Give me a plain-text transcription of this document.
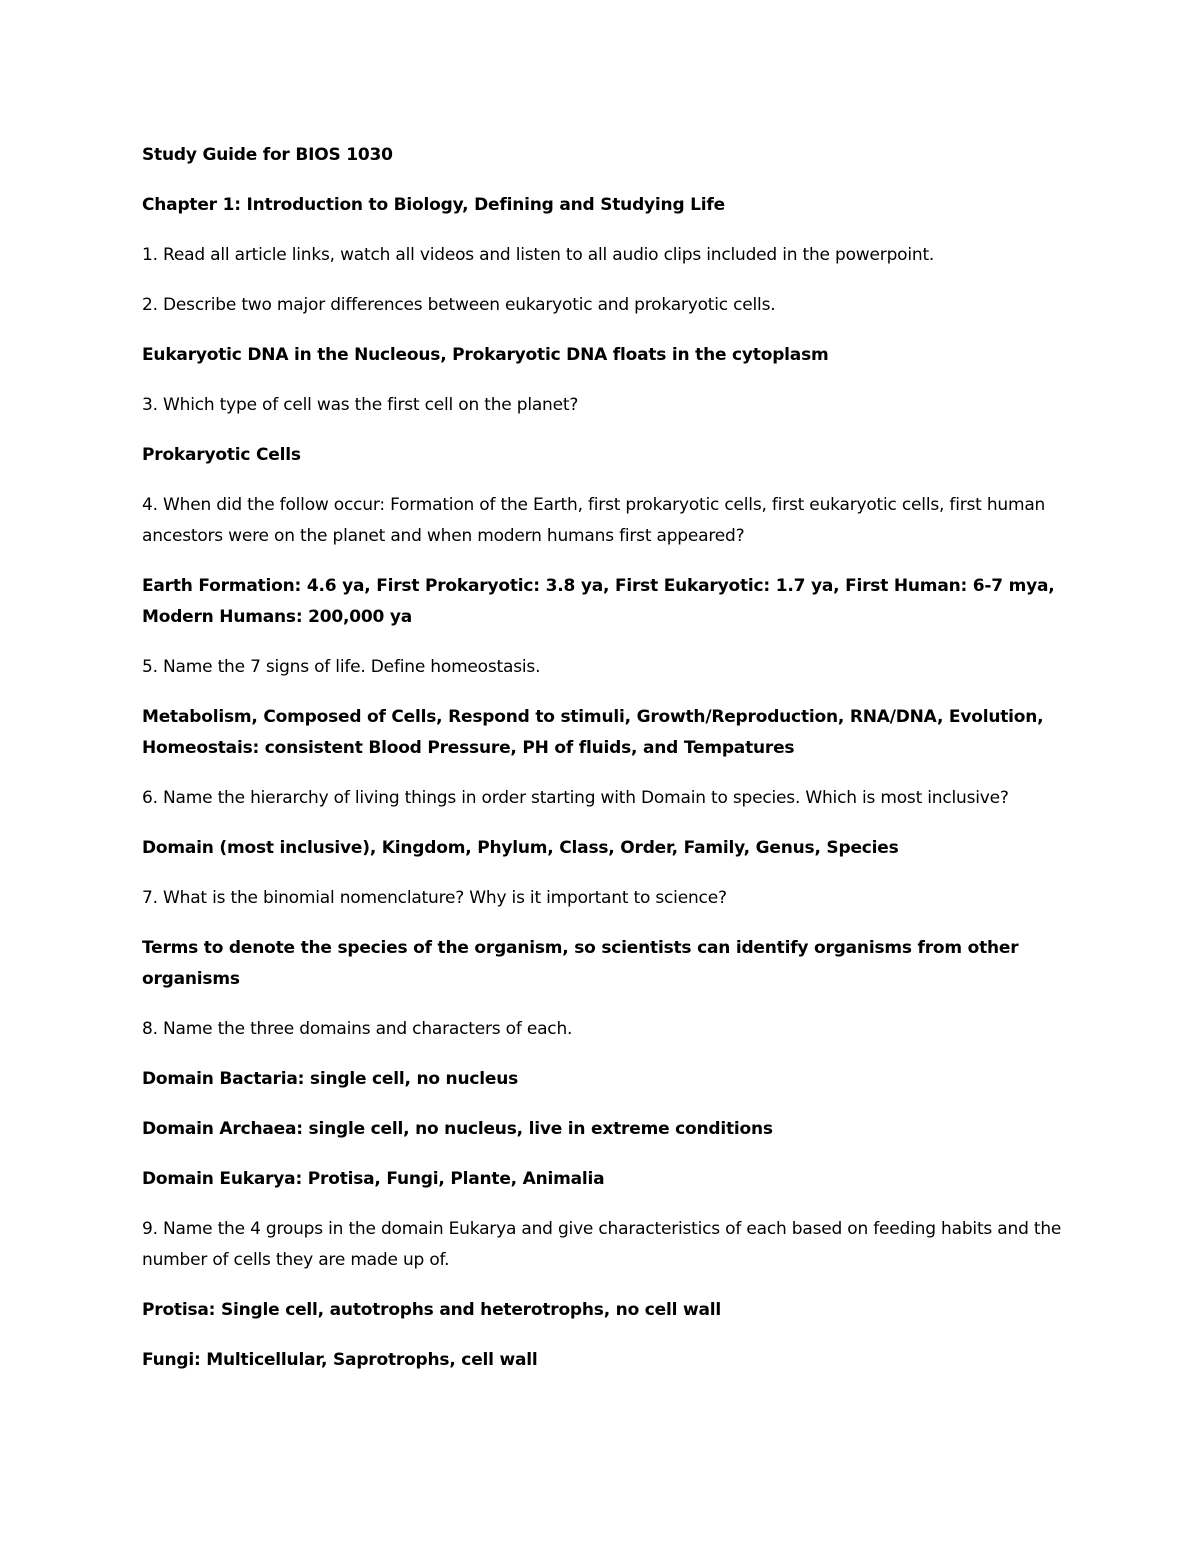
Study Guide for BIOS 1030

Chapter 1: Introduction to Biology, Defining and Studying Life

1. Read all article links, watch all videos and listen to all audio clips included in the powerpoint.

2. Describe two major differences between eukaryotic and prokaryotic cells.

Eukaryotic DNA in the Nucleous, Prokaryotic DNA floats in the cytoplasm

3. Which type of cell was the first cell on the planet?

Prokaryotic Cells

4. When did the follow occur: Formation of the Earth, first prokaryotic cells, first eukaryotic cells, first human ancestors were on the planet and when modern humans first appeared?

Earth Formation: 4.6 ya, First Prokaryotic: 3.8 ya, First Eukaryotic: 1.7 ya, First Human: 6-7 mya, Modern Humans: 200,000 ya

5. Name the 7 signs of life. Define homeostasis.

Metabolism, Composed of Cells, Respond to stimuli, Growth/Reproduction, RNA/DNA, Evolution, Homeostais: consistent Blood Pressure, PH of fluids, and Tempatures

6. Name the hierarchy of living things in order starting with Domain to species. Which is most inclusive?

Domain (most inclusive), Kingdom, Phylum, Class, Order, Family, Genus, Species

7. What is the binomial nomenclature? Why is it important to science?

Terms to denote the species of the organism, so scientists can identify organisms from other organisms

8. Name the three domains and characters of each.

Domain Bactaria: single cell, no nucleus

Domain Archaea: single cell, no nucleus, live in extreme conditions

Domain Eukarya: Protisa, Fungi, Plante, Animalia

9. Name the 4 groups in the domain Eukarya and give characteristics of each based on feeding habits and the number of cells they are made up of.

Protisa: Single cell, autotrophs and heterotrophs, no cell wall

Fungi: Multicellular, Saprotrophs, cell wall
